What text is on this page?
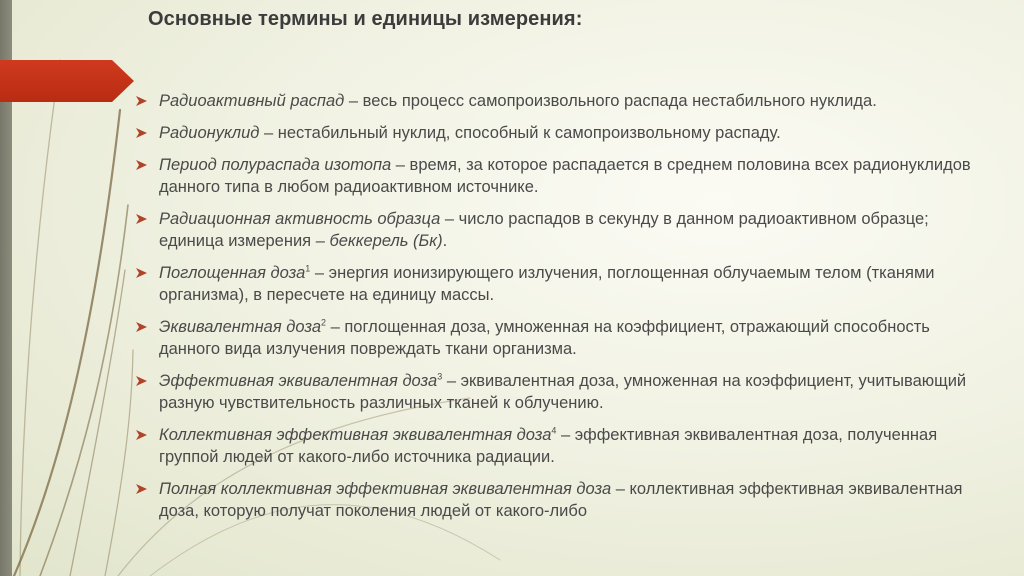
Основные термины и единицы измерения:
Радиоактивный распад – весь процесс самопроизвольного распада нестабильного нуклида.
Радионуклид – нестабильный нуклид, способный к самопроизвольному распаду.
Период полураспада изотопа – время, за которое распадается в среднем половина всех радионуклидов данного типа в любом радиоактивном источнике.
Радиационная активность образца – число распадов в секунду в данном радиоактивном образце; единица измерения – беккерель (Бк).
Поглощенная доза$^1$ – энергия ионизирующего излучения, поглощенная облучаемым телом (тканями организма), в пересчете на единицу массы.
Эквивалентная доза$^2$ – поглощенная доза, умноженная на коэффициент, отражающий способность данного вида излучения повреждать ткани организма.
Эффективная эквивалентная доза$^3$ – эквивалентная доза, умноженная на коэффициент, учитывающий разную чувствительность различных тканей к облучению.
Коллективная эффективная эквивалентная доза$^4$ – эффективная эквивалентная доза, полученная группой людей от какого-либо источника радиации.
Полная коллективная эффективная эквивалентная доза – коллективная эффективная эквивалентная доза, которую получат поколения людей от какого-либо
